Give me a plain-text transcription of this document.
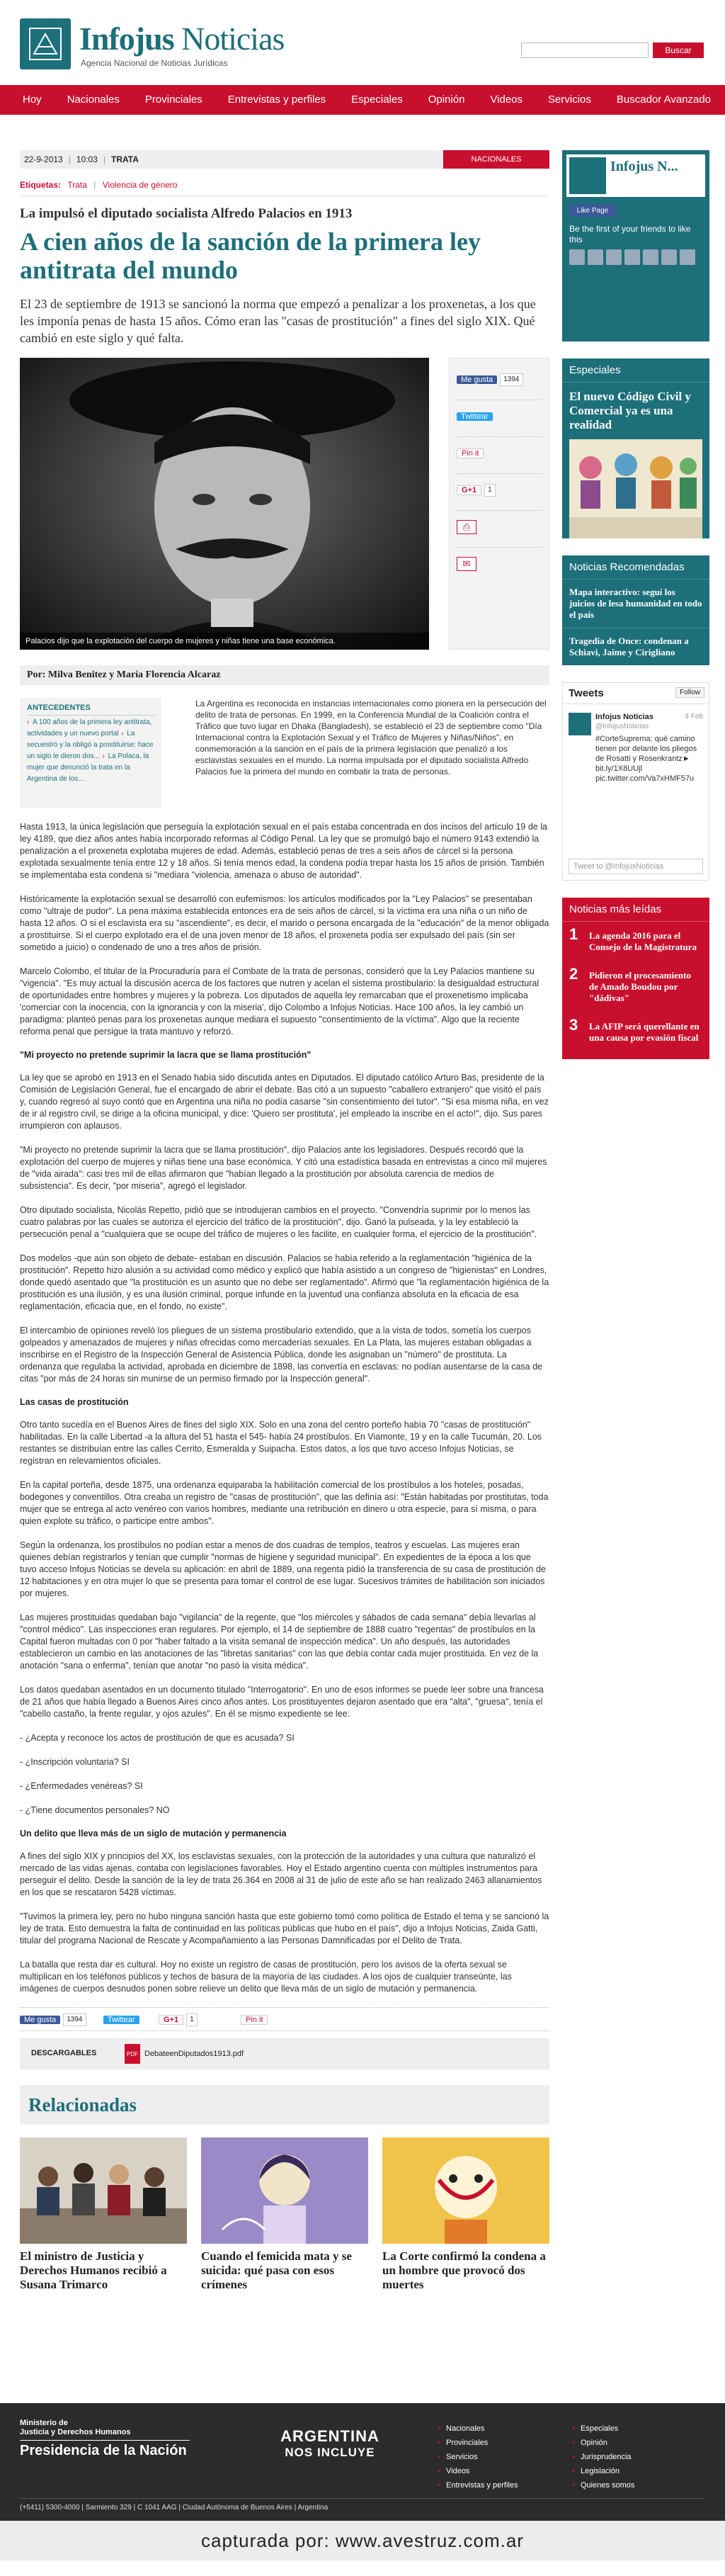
Infojus Noticias
Agencia Nacional de Noticias Jurídicas
Buscar
Hoy	Nacionales	Provinciales	Entrevistas y perfiles	Especiales	Opinión	Videos	Servicios	Buscador Avanzado
22-9-2013 | 10:03 | TRATA	NACIONALES
Etiquetas: Trata | Violencia de género
La impulsó el diputado socialista Alfredo Palacios en 1913
A cien años de la sanción de la primera ley antitrata del mundo

El 23 de septiembre de 1913 se sancionó la norma que empezó a penalizar a los proxenetas, a los que les imponía penas de hasta 15 años. Cómo eran las "casas de prostitución" a fines del siglo XIX. Qué cambió en este siglo y qué falta.

Palacios dijo que la explotación del cuerpo de mujeres y niñas tiene una base económica.
Me gusta	1394
Twittear
Pin it
G+1	1
⎙
✉
Por: Milva Benitez y María Florencia Alcaraz
ANTECEDENTES
› A 100 años de la primera ley antitrata, actividades y un nuevo portal › La secuestró y la obligó a prostituirse: hace un siglo le dieron dos... › La Polaca, la mujer que denunció la trata en la Argentina de los...

La Argentina es reconocida en instancias internacionales como pionera en la persecución del delito de trata de personas. En 1999, en la Conferencia Mundial de la Coalición contra el Tráfico que tuvo lugar en Dhaka (Bangladesh), se estableció el 23 de septiembre como "Día Internacional contra la Explotación Sexual y el Tráfico de Mujeres y Niñas/Niños", en conmemoración a la sanción en el país de la primera legislación que penalizó a los esclavistas sexuales en el mundo. La norma impulsada por el diputado socialista Alfredo Palacios fue la primera del mundo en combatir la trata de personas.

Hasta 1913, la única legislación que perseguía la explotación sexual en el país estaba concentrada en dos incisos del artículo 19 de la ley 4189, que diez años antes había incorporado reformas al Código Penal. La ley que se promulgó bajo el número 9143 extendió la penalización a el proxeneta explotaba mujeres de edad. Además, estableció penas de tres a seis años de cárcel si la persona explotada sexualmente tenía entre 12 y 18 años. Si tenía menos edad, la condena podía trepar hasta los 15 años de prisión. También se implementaba esta condena si "mediara "violencia, amenaza o abuso de autoridad".

Históricamente la explotación sexual se desarrolló con eufemismos: los artículos modificados por la "Ley Palacios" se presentaban como "ultraje de pudor". La pena máxima establecida entonces era de seis años de cárcel, si la víctima era una niña o un niño de hasta 12 años. O si el esclavista era su "ascendiente", es decir, el marido o persona encargada de la "educación" de la menor obligada a prostituirse. Si el cuerpo explotado era el de una joven menor de 18 años, el proxeneta podía ser expulsado del país (sin ser sometido a juicio) o condenado de uno a tres años de prisión.

Marcelo Colombo, el titular de la Procuraduría para el Combate de la trata de personas, consideró que la Ley Palacios mantiene su "vigencia". "Es muy actual la discusión acerca de los factores que nutren y acelan el sistema prostibulario: la desigualdad estructural de oportunidades entre hombres y mujeres y la pobreza. Los diputados de aquella ley remarcaban que el proxenetismo implicaba 'comerciar con la inocencia, con la ignorancia y con la miseria', dijo Colombo a Infojus Noticias. Hace 100 años, la ley cambió un paradigma: planteó penas para los proxenetas aunque mediara el supuesto "consentimiento de la víctima". Algo que la reciente reforma penal que persigue la trata mantuvo y reforzó.

"Mi proyecto no pretende suprimir la lacra que se llama prostitución"

La ley que se aprobó en 1913 en el Senado había sido discutida antes en Diputados. El diputado católico Arturo Bas, presidente de la Comisión de Legislación General, fue el encargado de abrir el debate. Bas citó a un supuesto "caballero extranjero" que visitó el país y, cuando regresó al suyo contó que en Argentina una niña no podía casarse "sin consentimiento del tutor". "Si esa misma niña, en vez de ir al registro civil, se dirige a la oficina municipal, y dice: 'Quiero ser prostituta', jel empleado la inscribe en el acto!", dijo. Sus pares irrumpieron con aplausos.

"Mi proyecto no pretende suprimir la lacra que se llama prostitución", dijo Palacios ante los legisladores. Después recordó que la explotación del cuerpo de mujeres y niñas tiene una base económica. Y citó una estadística basada en entrevistas a cinco mil mujeres de "vida airada": casi tres mil de ellas afirmaron que "habían llegado a la prostitución por absoluta carencia de medios de subsistencia". Es decir, "por miseria", agregó el legislador.

Otro diputado socialista, Nicolás Repetto, pidió que se introdujeran cambios en el proyecto. "Convendría suprimir por lo menos las cuatro palabras por las cuales se autoriza el ejercicio del tráfico de la prostitución", dijo. Ganó la pulseada, y la ley estableció la persecución penal a "cualquiera que se ocupe del tráfico de mujeres o les facilite, en cualquier forma, el ejercicio de la prostitución".

Dos modelos -que aún son objeto de debate- estaban en discusión. Palacios se había referido a la reglamentación "higiénica de la prostitución". Repetto hizo alusión a su actividad como médico y explicó que había asistido a un congreso de "higienistas" en Londres, donde quedó asentado que "la prostitución es un asunto que no debe ser reglamentado". Afirmó que "la reglamentación higiénica de la prostitución es una ilusión, y es una ilusión criminal, porque infunde en la juventud una confianza absoluta en la eficacia de esa reglamentación, eficacia que, en el fondo, no existe".

El intercambio de opiniones reveló los pliegues de un sistema prostibulario extendido, que a la vista de todos, sometía los cuerpos golpeados y amenazados de mujeres y niñas ofrecidas como mercaderías sexuales. En La Plata, las mujeres estaban obligadas a inscribirse en el Registro de la Inspección General de Asistencia Pública, donde les asignaban un "número" de prostituta. La ordenanza que regulaba la actividad, aprobada en diciembre de 1898, las convertía en esclavas: no podían ausentarse de la casa de citas "por más de 24 horas sin munirse de un permiso firmado por la Inspección general".

Las casas de prostitución

Otro tanto sucedía en el Buenos Aires de fines del siglo XIX. Solo en una zona del centro porteño había 70 "casas de prostitución" habilitadas. En la calle Libertad -a la altura del 51 hasta el 545- había 24 prostíbulos. En Viamonte, 19 y en la calle Tucumán, 20. Los restantes se distribuían entre las calles Cerrito, Esmeralda y Suipacha. Estos datos, a los que tuvo acceso Infojus Noticias, se registran en relevamientos oficiales.

En la capital porteña, desde 1875, una ordenanza equiparaba la habilitación comercial de los prostíbulos a los hoteles, posadas, bodegones y conventillos. Otra creaba un registro de "casas de prostitución", que las definía así: "Están habitadas por prostitutas, toda mujer que se entrega al acto venéreo con varios hombres, mediante una retribución en dinero u otra especie, para sí misma, o para quien explote su tráfico, o participe entre ambos".

Según la ordenanza, los prostíbulos no podían estar a menos de dos cuadras de templos, teatros y escuelas. Las mujeres eran quienes debían registrarlos y tenían que cumplir "normas de higiene y seguridad municipal". En expedientes de la época a los que tuvo acceso Infojus Noticias se devela su aplicación: en abril de 1889, una regenta pidió la transferencia de su casa de prostitución de 12 habitaciones y en otra mujer lo que se presenta para tomar el control de ese lugar. Sucesivos trámites de habilitación son iniciados por mujeres.

Las mujeres prostituidas quedaban bajo "vigilancia" de la regente, que "los miércoles y sábados de cada semana" debía llevarlas al "control médico". Las inspecciones eran regulares. Por ejemplo, el 14 de septiembre de 1888 cuatro "regentas" de prostíbulos en la Capital fueron multadas con 0 por "haber faltado a la visita semanal de inspección médica". Un año después, las autoridades establecieron un cambio en las anotaciones de las "libretas sanitarias" con las que debía contar cada mujer prostituida. En vez de la anotación "sana o enferma", tenían que anotar "no pasó la visita médica".

Los datos quedaban asentados en un documento titulado "Interrogatorio". En uno de esos informes se puede leer sobre una francesa de 21 años que había llegado a Buenos Aires cinco años antes. Los prostituyentes dejaron asentado que era "alta", "gruesa", tenía el "cabello castaño, la frente regular, y ojos azules". En él se mismo expediente se lee:

- ¿Acepta y reconoce los actos de prostitución de que es acusada? SI

- ¿Inscripción voluntaria? SI

- ¿Enfermedades venéreas? SI

- ¿Tiene documentos personales? NO

Un delito que lleva más de un siglo de mutación y permanencia

A fines del siglo XIX y principios del XX, los esclavistas sexuales, con la protección de la autoridades y una cultura que naturalizó el mercado de las vidas ajenas, contaba con legislaciones favorables. Hoy el Estado argentino cuenta con múltiples instrumentos para perseguir el delito. Desde la sanción de la ley de trata 26.364 en 2008 al 31 de julio de este año se han realizado 2463 allanamientos en los que se rescataron 5428 víctimas.

"Tuvimos la primera ley, pero no hubo ninguna sanción hasta que este gobierno tomó como política de Estado el tema y se sancionó la ley de trata. Esto demuestra la falta de continuidad en las políticas públicas que hubo en el país", dijo a Infojus Noticias, Zaida Gatti, titular del programa Nacional de Rescate y Acompañamiento a las Personas Damnificadas por el Delito de Trata.

La batalla que resta dar es cultural. Hoy no existe un registro de casas de prostitución, pero los avisos de la oferta sexual se multiplican en los teléfonos públicos y techos de basura de la mayoría de las ciudades. A los ojos de cualquier transeúnte, las imágenes de cuerpos desnudos ponen sobre relieve un delito que lleva más de un siglo de mutación y permanencia.

Me gusta	1394	Twittear	G+1	1	Pin it
DESCARGABLES	PDF DebateenDiputados1913.pdf
Relacionadas
El ministro de Justicia y Derechos Humanos recibió a Susana Trimarco
Cuando el femicida mata y se suicida: qué pasa con esos crímenes
La Corte confirmó la condena a un hombre que provocó dos muertes
Infojus N...
Like Page
Be the first of your friends to like this
Especiales
El nuevo Código Civil y Comercial ya es una realidad
Noticias Recomendadas
Mapa interactivo: seguí los juicios de lesa humanidad en todo el país
Tragedia de Once: condenan a Schiavi, Jaime y Cirigliano
Tweets	Follow
Infojus Noticias
@InfojusNoticias
4 Feb
#CorteSuprema: qué camino tienen por delante los pliegos de Rosatti y Rosenkrantz► bit.ly/1X8UUjl pic.twitter.com/Va7xHMF57u
Tweet to @InfojusNoticias
Noticias más leídas
1 La agenda 2016 para el Consejo de la Magistratura
2 Pidieron el procesamiento de Amado Boudou por "dádivas"
3 La AFIP será querellante en una causa por evasión fiscal
Ministerio de
Justicia y Derechos Humanos
Presidencia de la Nación
ARGENTINA
NOS INCLUYE
• Nacionales
• Provinciales
• Servicios
• Videos
• Entrevistas y perfiles
• Especiales
• Opinión
• Jurisprudencia
• Legislación
• Quienes somos
(+5411) 5300-4000 | Sarmiento 329 | C 1041 AAG | Ciudad Autónoma de Buenos Aires | Argentina
capturada por: www.avestruz.com.ar
